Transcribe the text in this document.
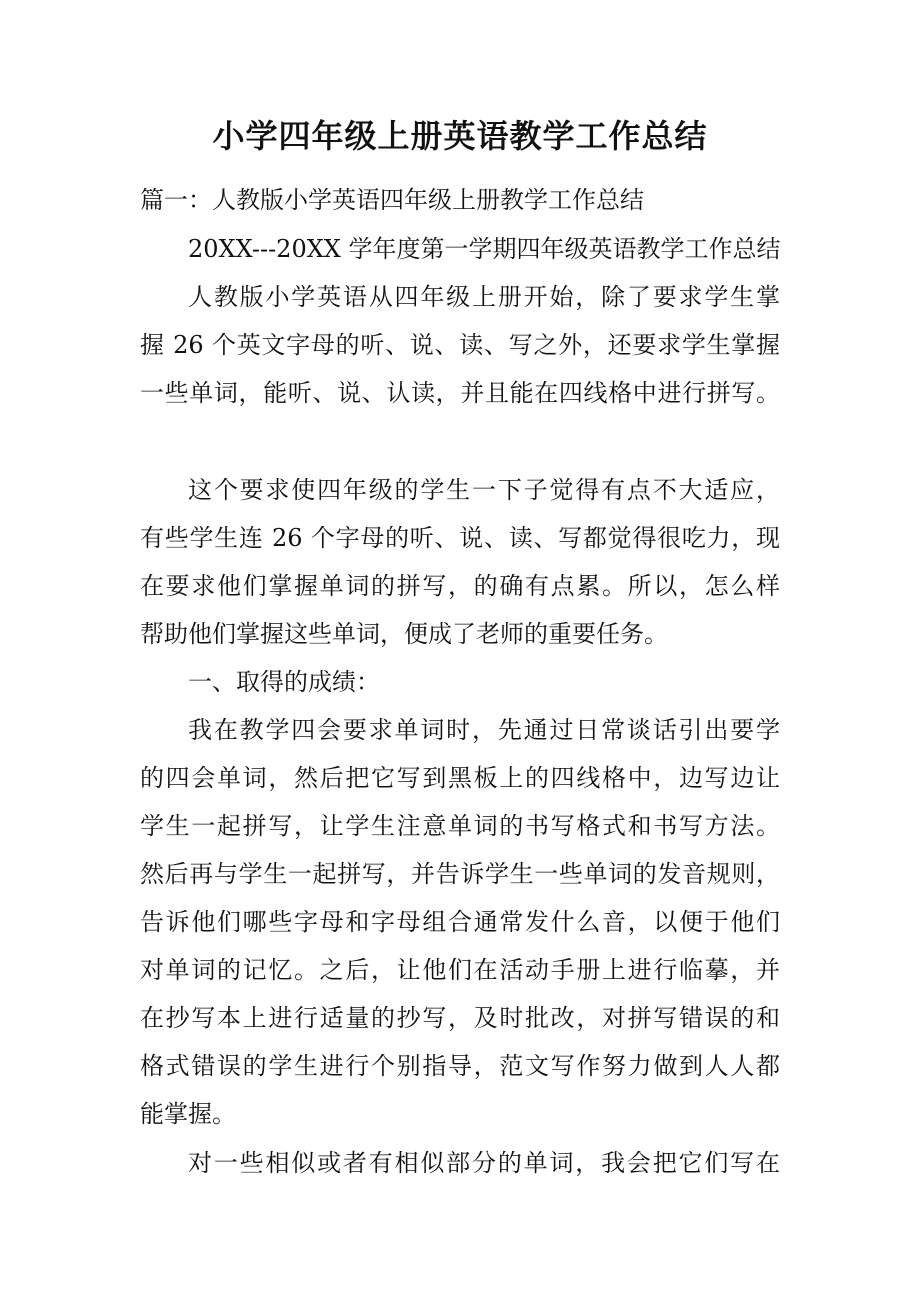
小学四年级上册英语教学工作总结
篇一：人教版小学英语四年级上册教学工作总结
20XX---20XX 学年度第一学期四年级英语教学工作总结
人教版小学英语从四年级上册开始，除了要求学生掌
握 26 个英文字母的听、说、读、写之外，还要求学生掌握
一些单词，能听、说、认读，并且能在四线格中进行拼写。
这个要求使四年级的学生一下子觉得有点不大适应，
有些学生连 26 个字母的听、说、读、写都觉得很吃力，现
在要求他们掌握单词的拼写，的确有点累。所以，怎么样
帮助他们掌握这些单词，便成了老师的重要任务。
一、取得的成绩：
我在教学四会要求单词时，先通过日常谈话引出要学
的四会单词，然后把它写到黑板上的四线格中，边写边让
学生一起拼写，让学生注意单词的书写格式和书写方法。
然后再与学生一起拼写，并告诉学生一些单词的发音规则，
告诉他们哪些字母和字母组合通常发什么音，以便于他们
对单词的记忆。之后，让他们在活动手册上进行临摹，并
在抄写本上进行适量的抄写，及时批改，对拼写错误的和
格式错误的学生进行个别指导，范文写作努力做到人人都
能掌握。
对一些相似或者有相似部分的单词，我会把它们写在
